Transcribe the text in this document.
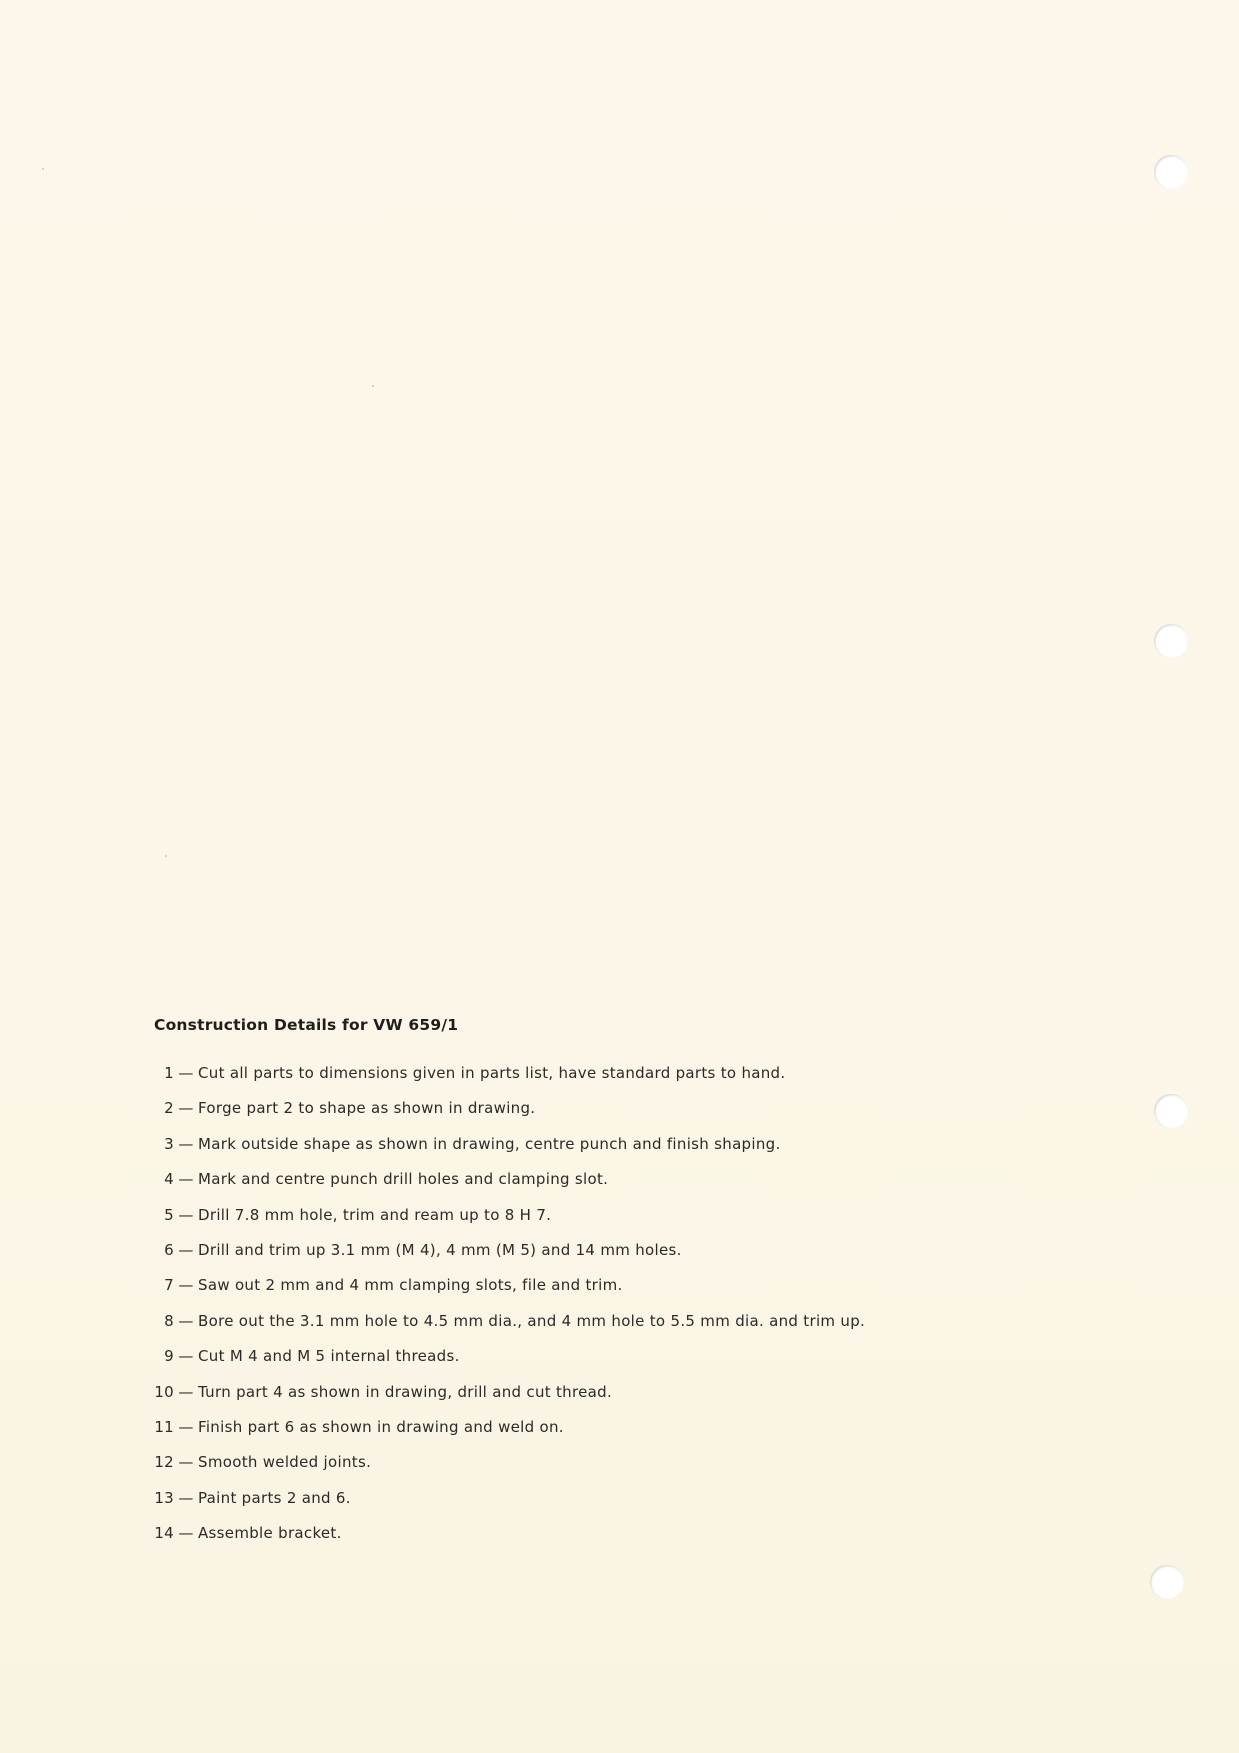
Construction Details for VW 659/1
1 — Cut all parts to dimensions given in parts list, have standard parts to hand.
2 — Forge part 2 to shape as shown in drawing.
3 — Mark outside shape as shown in drawing, centre punch and finish shaping.
4 — Mark and centre punch drill holes and clamping slot.
5 — Drill 7.8 mm hole, trim and ream up to 8 H 7.
6 — Drill and trim up 3.1 mm (M 4), 4 mm (M 5) and 14 mm holes.
7 — Saw out 2 mm and 4 mm clamping slots, file and trim.
8 — Bore out the 3.1 mm hole to 4.5 mm dia., and 4 mm hole to 5.5 mm dia. and trim up.
9 — Cut M 4 and M 5 internal threads.
10 — Turn part 4 as shown in drawing, drill and cut thread.
11 — Finish part 6 as shown in drawing and weld on.
12 — Smooth welded joints.
13 — Paint parts 2 and 6.
14 — Assemble bracket.
